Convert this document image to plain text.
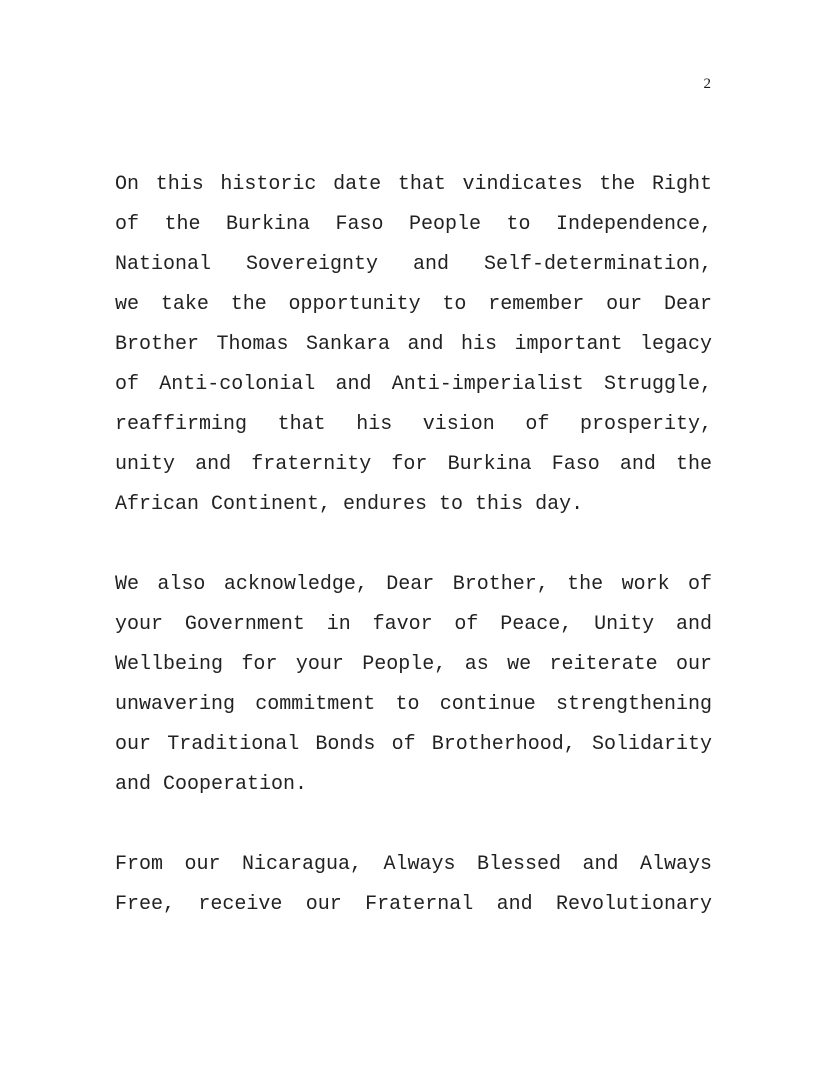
2

On this historic date that vindicates the Right
of the Burkina Faso People to Independence,
National Sovereignty and Self-determination,
we take the opportunity to remember our Dear
Brother Thomas Sankara and his important legacy
of Anti-colonial and Anti-imperialist Struggle,
reaffirming that his vision of prosperity,
unity and fraternity for Burkina Faso and the
African Continent, endures to this day.

We also acknowledge, Dear Brother, the work of
your Government in favor of Peace, Unity and
Wellbeing for your People, as we reiterate our
unwavering commitment to continue strengthening
our Traditional Bonds of Brotherhood, Solidarity
and Cooperation.

From our Nicaragua, Always Blessed and Always
Free, receive our Fraternal and Revolutionary
